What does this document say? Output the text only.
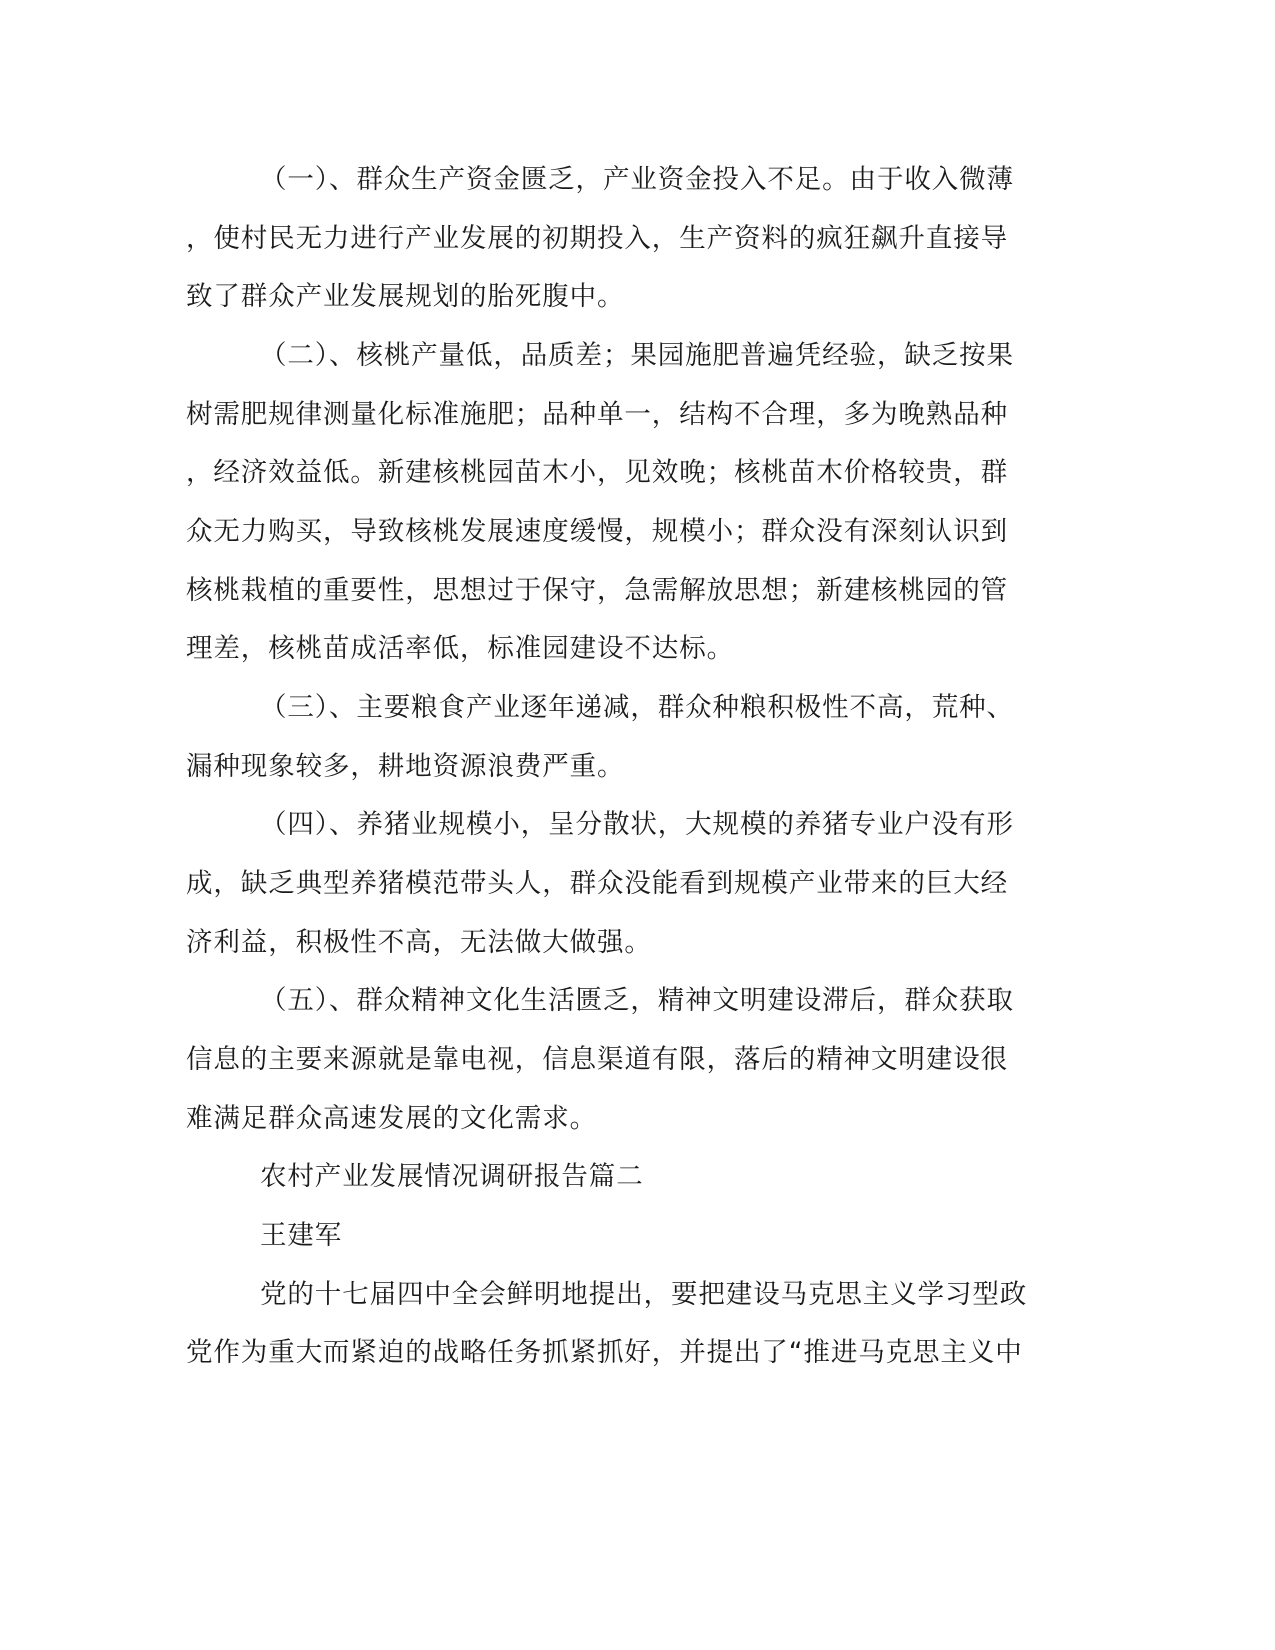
（一）、群众生产资金匮乏，产业资金投入不足。由于收入微薄
，使村民无力进行产业发展的初期投入，生产资料的疯狂飙升直接导
致了群众产业发展规划的胎死腹中。
（二）、核桃产量低，品质差；果园施肥普遍凭经验，缺乏按果
树需肥规律测量化标准施肥；品种单一，结构不合理，多为晚熟品种
，经济效益低。新建核桃园苗木小，见效晚；核桃苗木价格较贵，群
众无力购买，导致核桃发展速度缓慢，规模小；群众没有深刻认识到
核桃栽植的重要性，思想过于保守，急需解放思想；新建核桃园的管
理差，核桃苗成活率低，标准园建设不达标。
（三）、主要粮食产业逐年递减，群众种粮积极性不高，荒种、
漏种现象较多，耕地资源浪费严重。
（四）、养猪业规模小，呈分散状，大规模的养猪专业户没有形
成，缺乏典型养猪模范带头人，群众没能看到规模产业带来的巨大经
济利益，积极性不高，无法做大做强。
（五）、群众精神文化生活匮乏，精神文明建设滞后，群众获取
信息的主要来源就是靠电视，信息渠道有限，落后的精神文明建设很
难满足群众高速发展的文化需求。
农村产业发展情况调研报告篇二
王建军
党的十七届四中全会鲜明地提出，要把建设马克思主义学习型政
党作为重大而紧迫的战略任务抓紧抓好，并提出了“推进马克思主义中
